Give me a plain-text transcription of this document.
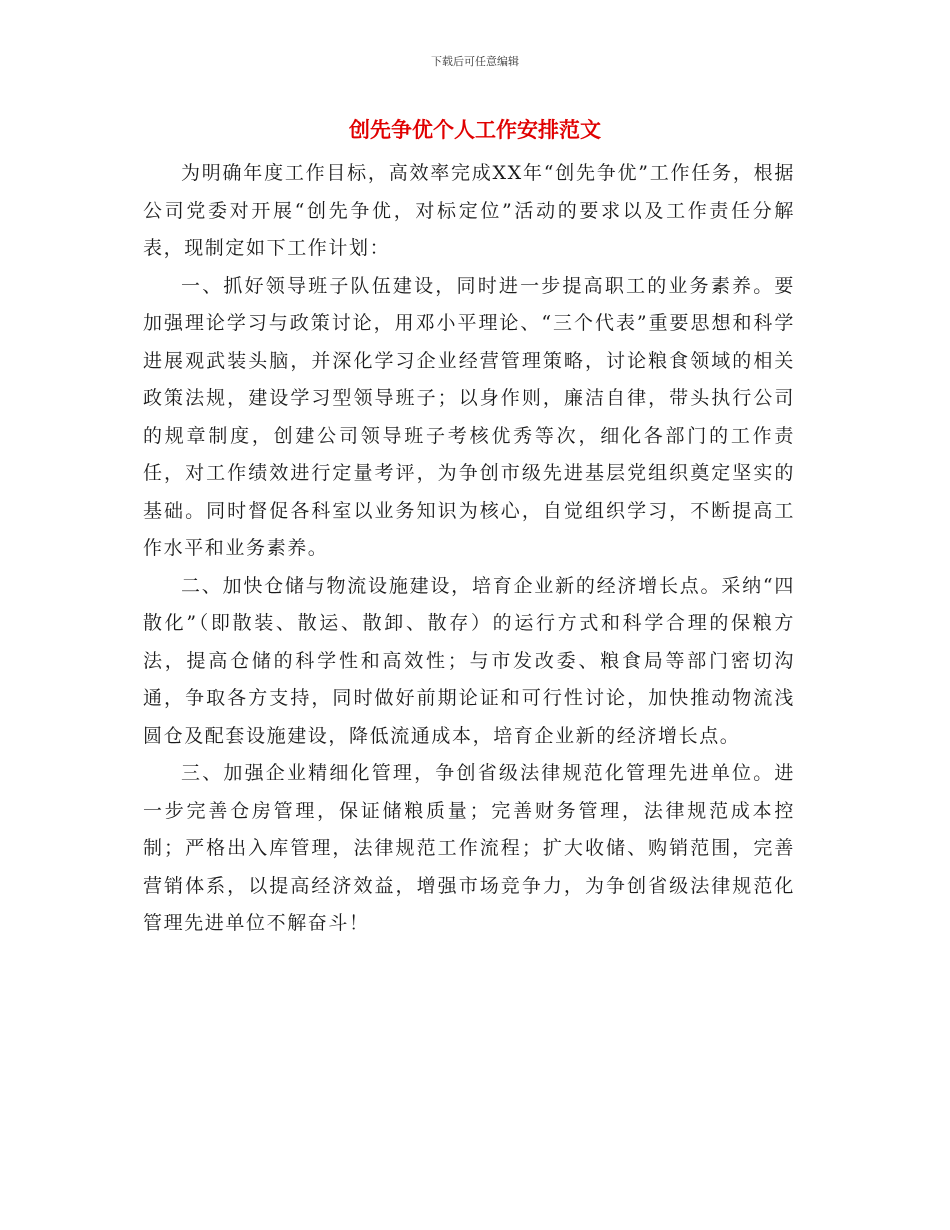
下载后可任意编辑
创先争优个人工作安排范文

为明确年度工作目标，高效率完成XX年“创先争优”工作任务，根据公司党委对开展“创先争优，对标定位”活动的要求以及工作责任分解表，现制定如下工作计划：

一、抓好领导班子队伍建设，同时进一步提高职工的业务素养。要加强理论学习与政策讨论，用邓小平理论、“三个代表”重要思想和科学进展观武装头脑，并深化学习企业经营管理策略，讨论粮食领域的相关政策法规，建设学习型领导班子；以身作则，廉洁自律，带头执行公司的规章制度，创建公司领导班子考核优秀等次，细化各部门的工作责任，对工作绩效进行定量考评，为争创市级先进基层党组织奠定坚实的基础。同时督促各科室以业务知识为核心，自觉组织学习，不断提高工作水平和业务素养。

二、加快仓储与物流设施建设，培育企业新的经济增长点。采纳“四散化”（即散装、散运、散卸、散存）的运行方式和科学合理的保粮方法，提高仓储的科学性和高效性；与市发改委、粮食局等部门密切沟通，争取各方支持，同时做好前期论证和可行性讨论，加快推动物流浅圆仓及配套设施建设，降低流通成本，培育企业新的经济增长点。

三、加强企业精细化管理，争创省级法律规范化管理先进单位。进一步完善仓房管理，保证储粮质量；完善财务管理，法律规范成本控制；严格出入库管理，法律规范工作流程；扩大收储、购销范围，完善营销体系，以提高经济效益，增强市场竞争力，为争创省级法律规范化管理先进单位不解奋斗！
